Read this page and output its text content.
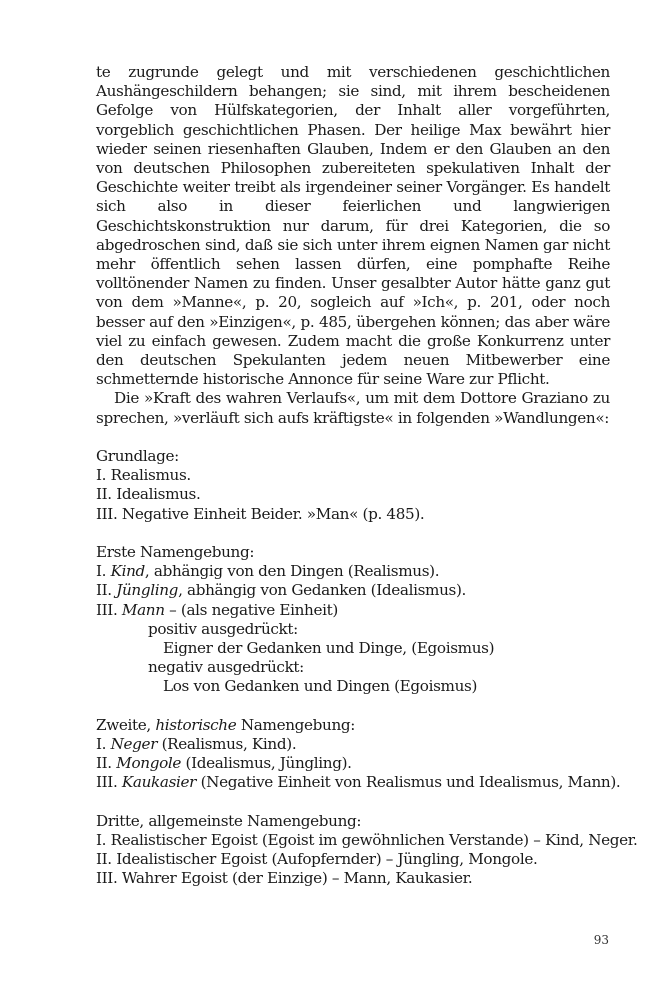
te zugrunde gelegt und mit verschiedenen geschichtlichen Aushängeschildern behangen; sie sind, mit ihrem bescheidenen Gefolge von Hülfskategorien, der Inhalt aller vorgeführten, vorgeblich geschichtlichen Phasen. Der heilige Max bewährt hier wieder seinen riesenhaften Glauben, Indem er den Glauben an den von deutschen Philosophen zubereiteten spekulativen Inhalt der Geschichte weiter treibt als irgendeiner seiner Vorgänger. Es handelt sich also in dieser feierlichen und langwierigen Geschichtskonstruktion nur darum, für drei Kategorien, die so abgedroschen sind, daß sie sich unter ihrem eignen Namen gar nicht mehr öffentlich sehen lassen dürfen, eine pomphafte Reihe volltönender Namen zu finden. Unser gesalbter Autor hätte ganz gut von dem »Manne«, p. 20, sogleich auf »Ich«, p. 201, oder noch besser auf den »Einzigen«, p. 485, übergehen können; das aber wäre viel zu einfach gewesen. Zudem macht die große Konkurrenz unter den deutschen Spekulanten jedem neuen Mitbewerber eine schmetternde historische Annonce für seine Ware zur Pflicht.

Die »Kraft des wahren Verlaufs«, um mit dem Dottore Graziano zu sprechen, »verläuft sich aufs kräftigste« in folgenden »Wandlungen«:

Grundlage:
I. Realismus.
II. Idealismus.
III. Negative Einheit Beider. »Man« (p. 485).
Erste Namengebung:
I. Kind, abhängig von den Dingen (Realismus).
II. Jüngling, abhängig von Gedanken (Idealismus).
III. Mann – (als negative Einheit)
positiv ausgedrückt:
Eigner der Gedanken und Dinge, (Egoismus)
negativ ausgedrückt:
Los von Gedanken und Dingen (Egoismus)
Zweite, historische Namengebung:
I. Neger (Realismus, Kind).
II. Mongole (Idealismus, Jüngling).
III. Kaukasier (Negative Einheit von Realismus und Idealismus, Mann).
Dritte, allgemeinste Namengebung:
I. Realistischer Egoist (Egoist im gewöhnlichen Verstande) – Kind, Neger.
II. Idealistischer Egoist (Aufopfernder) – Jüngling, Mongole.
III. Wahrer Egoist (der Einzige) – Mann, Kaukasier.
93
